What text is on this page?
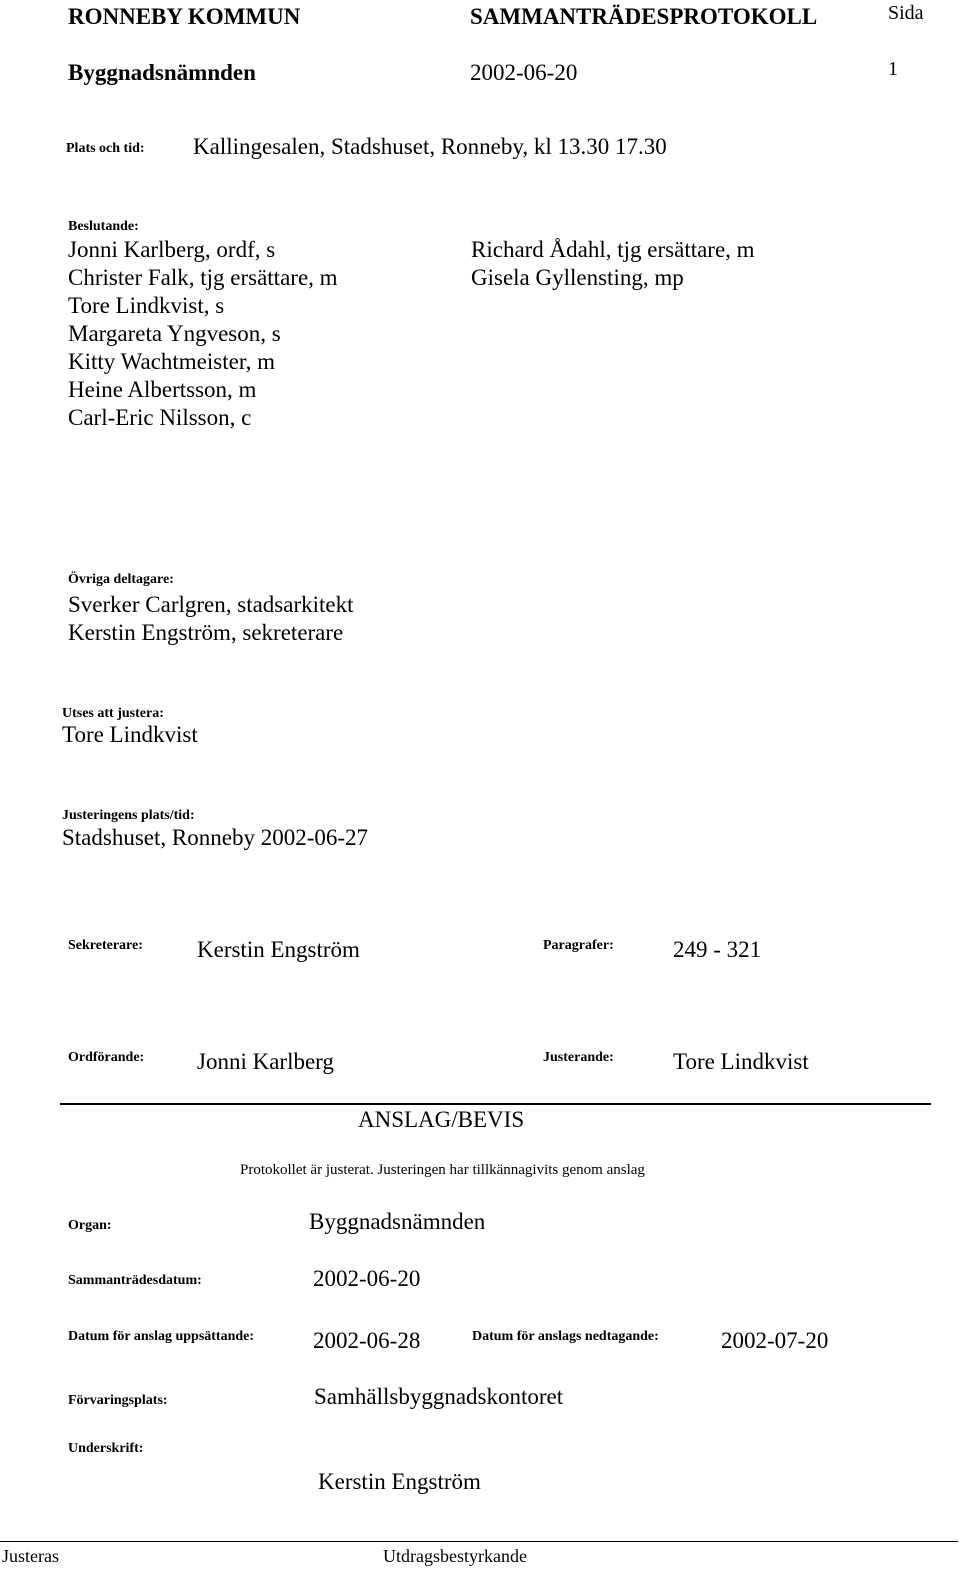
RONNEBY KOMMUN	SAMMANTRÄDESPROTOKOLL	Sida
Byggnadsnämnden	2002-06-20	1
Plats och tid: Kallingesalen, Stadshuset, Ronneby, kl 13.30 17.30
Beslutande:
Jonni Karlberg, ordf, s
Christer Falk, tjg ersättare, m
Tore Lindkvist, s
Margareta Yngveson, s
Kitty Wachtmeister, m
Heine Albertsson, m
Carl-Eric Nilsson, c
Richard Ådahl, tjg ersättare, m
Gisela Gyllensting, mp
Övriga deltagare:
Sverker Carlgren, stadsarkitekt
Kerstin Engström, sekreterare
Utses att justera:
Tore Lindkvist
Justeringens plats/tid:
Stadshuset, Ronneby 2002-06-27
Sekreterare: Kerstin Engström	Paragrafer:	249 - 321
Ordförande: Jonni Karlberg	Justerande:	Tore Lindkvist
ANSLAG/BEVIS
Protokollet är justerat. Justeringen har tillkännagivits genom anslag
Organ:	Byggnadsnämnden
Sammanträdesdatum:	2002-06-20
Datum för anslag uppsättande:	2002-06-28	Datum för anslags nedtagande:	2002-07-20
Förvaringsplats:	Samhällsbyggnadskontoret
Underskrift:
Kerstin Engström
Justeras	Utdragsbestyrkande
